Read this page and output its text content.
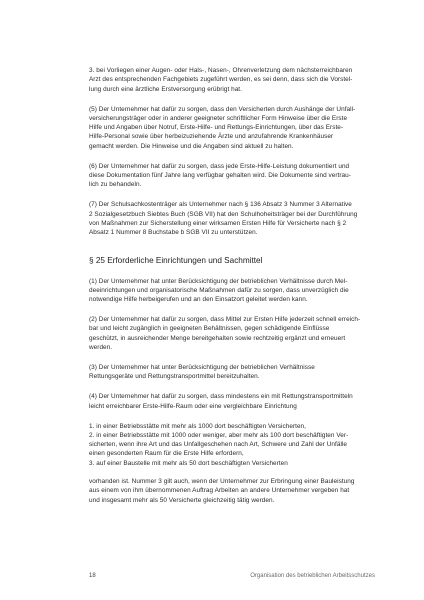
3. bei Vorliegen einer Augen- oder Hals-, Nasen-, Ohrenverletzung dem nächsterreichbaren
Arzt des entsprechenden Fachgebiets zugeführt werden, es sei denn, dass sich die Vorstel-
lung durch eine ärztliche Erstversorgung erübrigt hat.
(5) Der Unternehmer hat dafür zu sorgen, dass den Versicherten durch Aushänge der Unfall-
versicherungsträger oder in anderer geeigneter schriftlicher Form Hinweise über die Erste
Hilfe und Angaben über Notruf, Erste-Hilfe- und Rettungs-Einrichtungen, über das Erste-
Hilfe-Personal sowie über herbeizuziehende Ärzte und anzufahrende Krankenhäuser
gemacht werden. Die Hinweise und die Angaben sind aktuell zu halten.
(6) Der Unternehmer hat dafür zu sorgen, dass jede Erste-Hilfe-Leistung dokumentiert und
diese Dokumentation fünf Jahre lang verfügbar gehalten wird. Die Dokumente sind vertrau-
lich zu behandeln.
(7) Der Schulsachkostenträger als Unternehmer nach § 136 Absatz 3 Nummer 3 Alternative
2 Sozialgesetzbuch Siebtes Buch (SGB VII) hat den Schulhoheitsträger bei der Durchführung
von Maßnahmen zur Sicherstellung einer wirksamen Ersten Hilfe für Versicherte nach § 2
Absatz 1 Nummer 8 Buchstabe b SGB VII zu unterstützen.
§ 25 Erforderliche Einrichtungen und Sachmittel
(1) Der Unternehmer hat unter Berücksichtigung der betrieblichen Verhältnisse durch Mel-
deeinrichtungen und organisatorische Maßnahmen dafür zu sorgen, dass unverzüglich die
notwendige Hilfe herbeigerufen und an den Einsatzort geleitet werden kann.
(2) Der Unternehmer hat dafür zu sorgen, dass Mittel zur Ersten Hilfe jederzeit schnell erreich-
bar und leicht zugänglich in geeigneten Behältnissen, gegen schädigende Einflüsse
geschützt, in ausreichender Menge bereitgehalten sowie rechtzeitig ergänzt und erneuert
werden.
(3) Der Unternehmer hat unter Berücksichtigung der betrieblichen Verhältnisse
Rettungsgeräte und Rettungstransportmittel bereitzuhalten.
(4) Der Unternehmer hat dafür zu sorgen, dass mindestens ein mit Rettungstransportmitteln
leicht erreichbarer Erste-Hilfe-Raum oder eine vergleichbare Einrichtung
1. in einer Betriebsstätte mit mehr als 1000 dort beschäftigten Versicherten,
2. in einer Betriebsstätte mit 1000 oder weniger, aber mehr als 100 dort beschäftigten Ver-
sicherten, wenn ihre Art und das Unfallgeschehen nach Art, Schwere und Zahl der Unfälle
einen gesonderten Raum für die Erste Hilfe erfordern,
3. auf einer Baustelle mit mehr als 50 dort beschäftigten Versicherten
vorhanden ist. Nummer 3 gilt auch, wenn der Unternehmer zur Erbringung einer Bauleistung
aus einem von ihm übernommenen Auftrag Arbeiten an andere Unternehmer vergeben hat
und insgesamt mehr als 50 Versicherte gleichzeitig tätig werden.
18	Organisation des betrieblichen Arbeitsschutzes
